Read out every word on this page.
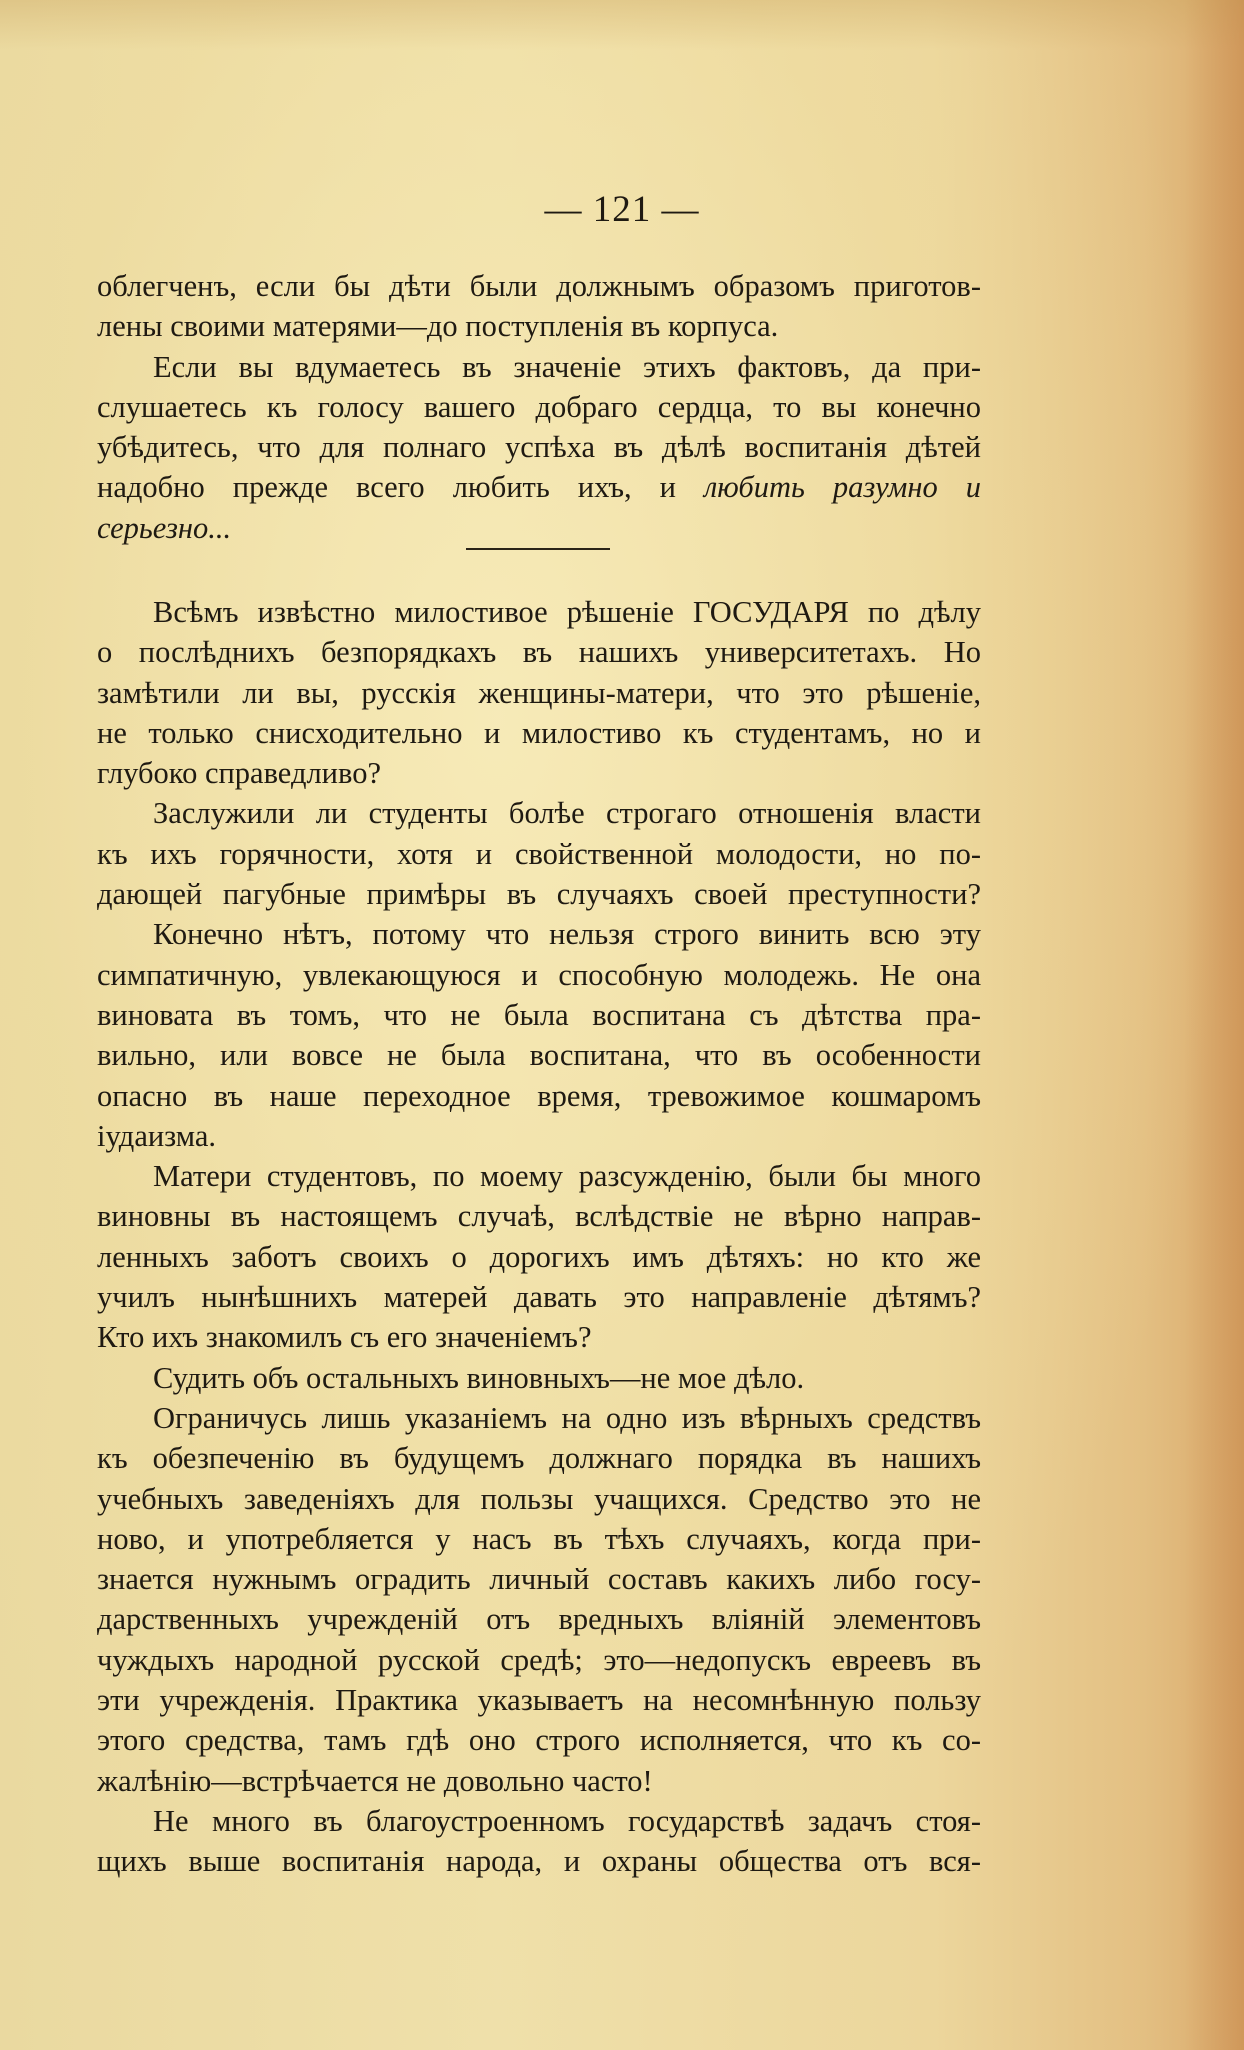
— 121 —
облегченъ, если бы дѣти были должнымъ образомъ приготов-
лены своими матерями—до поступленія въ корпуса.
Если вы вдумаетесь въ значеніе этихъ фактовъ, да при-
слушаетесь къ голосу вашего добраго сердца, то вы конечно
убѣдитесь, что для полнаго успѣха въ дѣлѣ воспитанія дѣтей
надобно прежде всего любить ихъ, и любить разумно и
серьезно...
Всѣмъ извѣстно милостивое рѣшеніе ГОСУДАРЯ по дѣлу
о послѣднихъ безпорядкахъ въ нашихъ университетахъ. Но
замѣтили ли вы, русскія женщины-матери, что это рѣшеніе,
не только снисходительно и милостиво къ студентамъ, но и
глубоко справедливо?
Заслужили ли студенты болѣе строгаго отношенія власти
къ ихъ горячности, хотя и свойственной молодости, но по-
дающей пагубные примѣры въ случаяхъ своей преступности?
Конечно нѣтъ, потому что нельзя строго винить всю эту
симпатичную, увлекающуюся и способную молодежь. Не она
виновата въ томъ, что не была воспитана съ дѣтства пра-
вильно, или вовсе не была воспитана, что въ особенности
опасно въ наше переходное время, тревожимое кошмаромъ
іудаизма.
Матери студентовъ, по моему разсужденію, были бы много
виновны въ настоящемъ случаѣ, вслѣдствіе не вѣрно направ-
ленныхъ заботъ своихъ о дорогихъ имъ дѣтяхъ: но кто же
училъ нынѣшнихъ матерей давать это направленіе дѣтямъ?
Кто ихъ знакомилъ съ его значеніемъ?
Судить объ остальныхъ виновныхъ—не мое дѣло.
Ограничусь лишь указаніемъ на одно изъ вѣрныхъ средствъ
къ обезпеченію въ будущемъ должнаго порядка въ нашихъ
учебныхъ заведеніяхъ для пользы учащихся. Средство это не
ново, и употребляется у насъ въ тѣхъ случаяхъ, когда при-
знается нужнымъ оградить личный составъ какихъ либо госу-
дарственныхъ учрежденій отъ вредныхъ вліяній элементовъ
чуждыхъ народной русской средѣ; это—недопускъ евреевъ въ
эти учрежденія. Практика указываетъ на несомнѣнную пользу
этого средства, тамъ гдѣ оно строго исполняется, что къ со-
жалѣнію—встрѣчается не довольно часто!
Не много въ благоустроенномъ государствѣ задачъ стоя-
щихъ выше воспитанія народа, и охраны общества отъ вся-
